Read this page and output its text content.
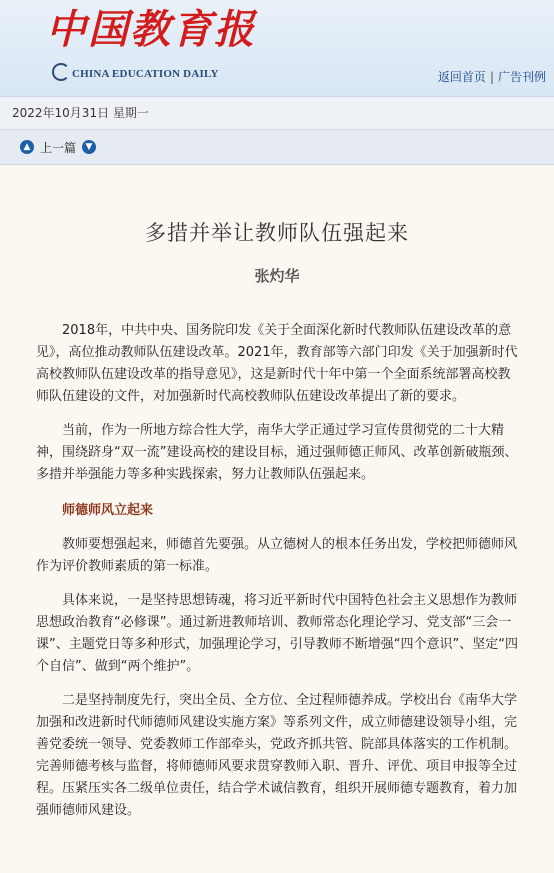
中国教育报
CHINA EDUCATION DAILY	返回首页 | 广告刊例
2022年10月31日 星期一
▲ 上一篇	▼
多措并举让教师队伍强起来
张灼华

2018年，中共中央、国务院印发《关于全面深化新时代教师队伍建设改革的意见》，高位推动教师队伍建设改革。2021年，教育部等六部门印发《关于加强新时代高校教师队伍建设改革的指导意见》，这是新时代十年中第一个全面系统部署高校教师队伍建设的文件，对加强新时代高校教师队伍建设改革提出了新的要求。

当前，作为一所地方综合性大学，南华大学正通过学习宣传贯彻党的二十大精神，围绕跻身“双一流”建设高校的建设目标，通过强师德正师风、改革创新破瓶颈、多措并举强能力等多种实践探索，努力让教师队伍强起来。

师德师风立起来

教师要想强起来，师德首先要强。从立德树人的根本任务出发，学校把师德师风作为评价教师素质的第一标准。

具体来说，一是坚持思想铸魂，将习近平新时代中国特色社会主义思想作为教师思想政治教育“必修课”。通过新进教师培训、教师常态化理论学习、党支部“三会一课”、主题党日等多种形式，加强理论学习，引导教师不断增强“四个意识”、坚定“四个自信”、做到“两个维护”。

二是坚持制度先行，突出全员、全方位、全过程师德养成。学校出台《南华大学加强和改进新时代师德师风建设实施方案》等系列文件，成立师德建设领导小组，完善党委统一领导、党委教师工作部牵头，党政齐抓共管、院部具体落实的工作机制。完善师德考核与监督，将师德师风要求贯穿教师入职、晋升、评优、项目申报等全过程。压紧压实各二级单位责任，结合学术诚信教育，组织开展师德专题教育，着力加强师德师风建设。
